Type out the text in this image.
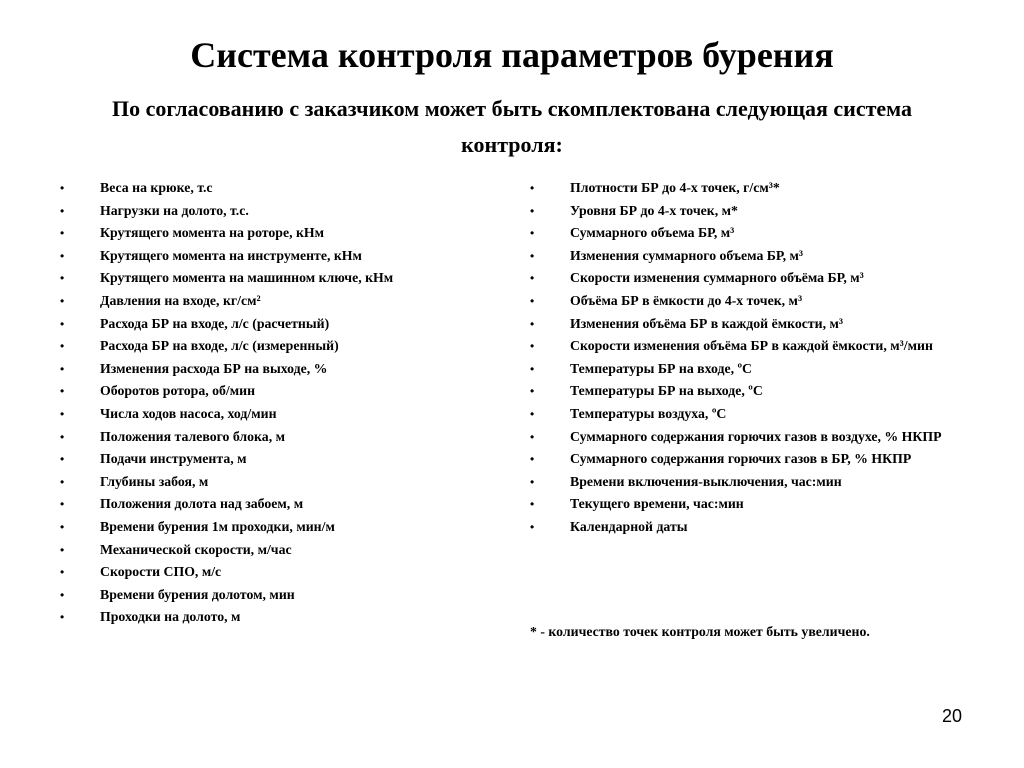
Система контроля параметров бурения
По согласованию с заказчиком может быть скомплектована следующая система контроля:
•	Веса на крюке, т.с
•	Нагрузки на долото, т.с.
•	Крутящего момента на роторе, кНм
•	Крутящего момента на инструменте, кНм
•	Крутящего момента на машинном ключе, кНм
•	Давления на входе, кг/см²
•	Расхода БР на входе, л/с (расчетный)
•	Расхода БР на входе, л/с (измеренный)
•	Изменения расхода БР на выходе, %
•	Оборотов ротора, об/мин
•	Числа ходов насоса, ход/мин
•	Положения талевого блока, м
•	Подачи инструмента, м
•	Глубины забоя, м
•	Положения долота над забоем, м
•	Времени бурения 1м проходки, мин/м
•	Механической скорости, м/час
•	Скорости СПО, м/с
•	Времени бурения долотом, мин
•	Проходки на долото, м
•	Плотности БР до 4-х точек, г/см³*
•	Уровня БР до 4-х точек, м*
•	Суммарного объема БР, м³
•	Изменения суммарного объема БР, м³
•	Скорости изменения суммарного объёма БР, м³
•	Объёма БР в ёмкости до 4-х точек, м³
•	Изменения объёма БР в каждой ёмкости, м³
•	Скорости изменения объёма БР в каждой ёмкости, м³/мин
•	Температуры БР на входе, ºС
•	Температуры БР на выходе, ºС
•	Температуры воздуха, ºС
•	Суммарного содержания горючих газов в воздухе, % НКПР
•	Суммарного содержания горючих газов в БР, % НКПР
•	Времени включения-выключения, час:мин
•	Текущего времени, час:мин
•	Календарной даты
* - количество точек контроля может быть увеличено.
20
